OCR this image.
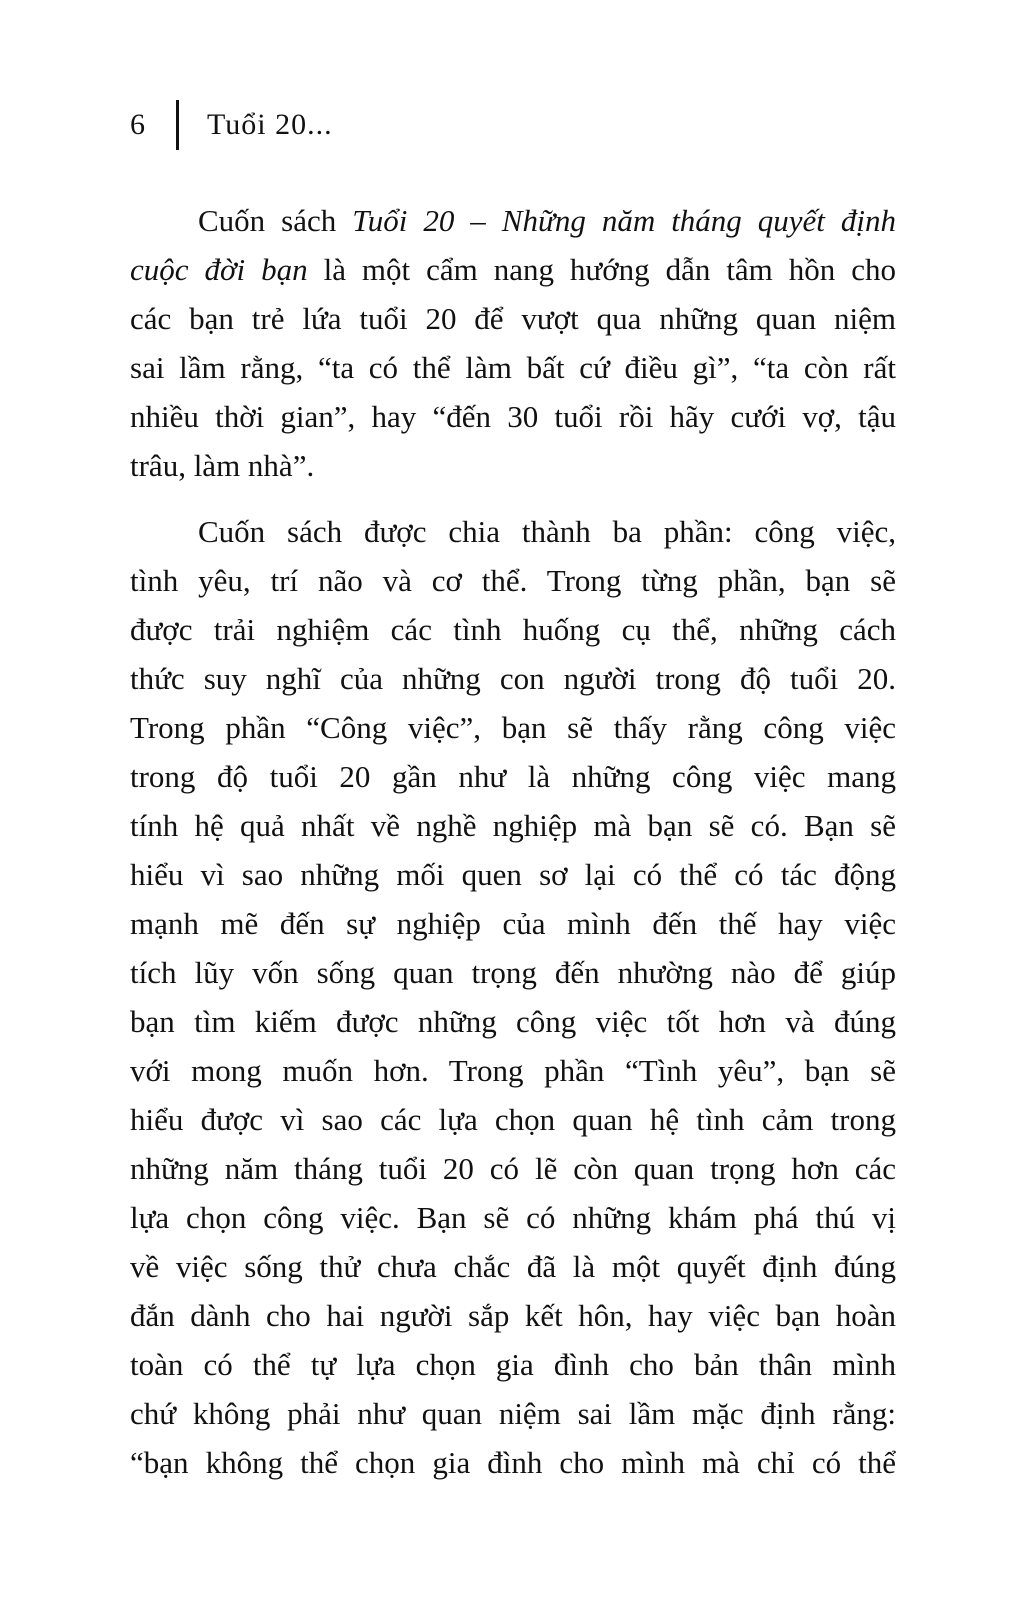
6 Tuổi 20...
Cuốn sách Tuổi 20 – Những năm tháng quyết định
cuộc đời bạn là một cẩm nang hướng dẫn tâm hồn cho
các bạn trẻ lứa tuổi 20 để vượt qua những quan niệm
sai lầm rằng, “ta có thể làm bất cứ điều gì”, “ta còn rất
nhiều thời gian”, hay “đến 30 tuổi rồi hãy cưới vợ, tậu
trâu, làm nhà”.
Cuốn sách được chia thành ba phần: công việc,
tình yêu, trí não và cơ thể. Trong từng phần, bạn sẽ
được trải nghiệm các tình huống cụ thể, những cách
thức suy nghĩ của những con người trong độ tuổi 20.
Trong phần “Công việc”, bạn sẽ thấy rằng công việc
trong độ tuổi 20 gần như là những công việc mang
tính hệ quả nhất về nghề nghiệp mà bạn sẽ có. Bạn sẽ
hiểu vì sao những mối quen sơ lại có thể có tác động
mạnh mẽ đến sự nghiệp của mình đến thế hay việc
tích lũy vốn sống quan trọng đến nhường nào để giúp
bạn tìm kiếm được những công việc tốt hơn và đúng
với mong muốn hơn. Trong phần “Tình yêu”, bạn sẽ
hiểu được vì sao các lựa chọn quan hệ tình cảm trong
những năm tháng tuổi 20 có lẽ còn quan trọng hơn các
lựa chọn công việc. Bạn sẽ có những khám phá thú vị
về việc sống thử chưa chắc đã là một quyết định đúng
đắn dành cho hai người sắp kết hôn, hay việc bạn hoàn
toàn có thể tự lựa chọn gia đình cho bản thân mình
chứ không phải như quan niệm sai lầm mặc định rằng:
“bạn không thể chọn gia đình cho mình mà chỉ có thể
